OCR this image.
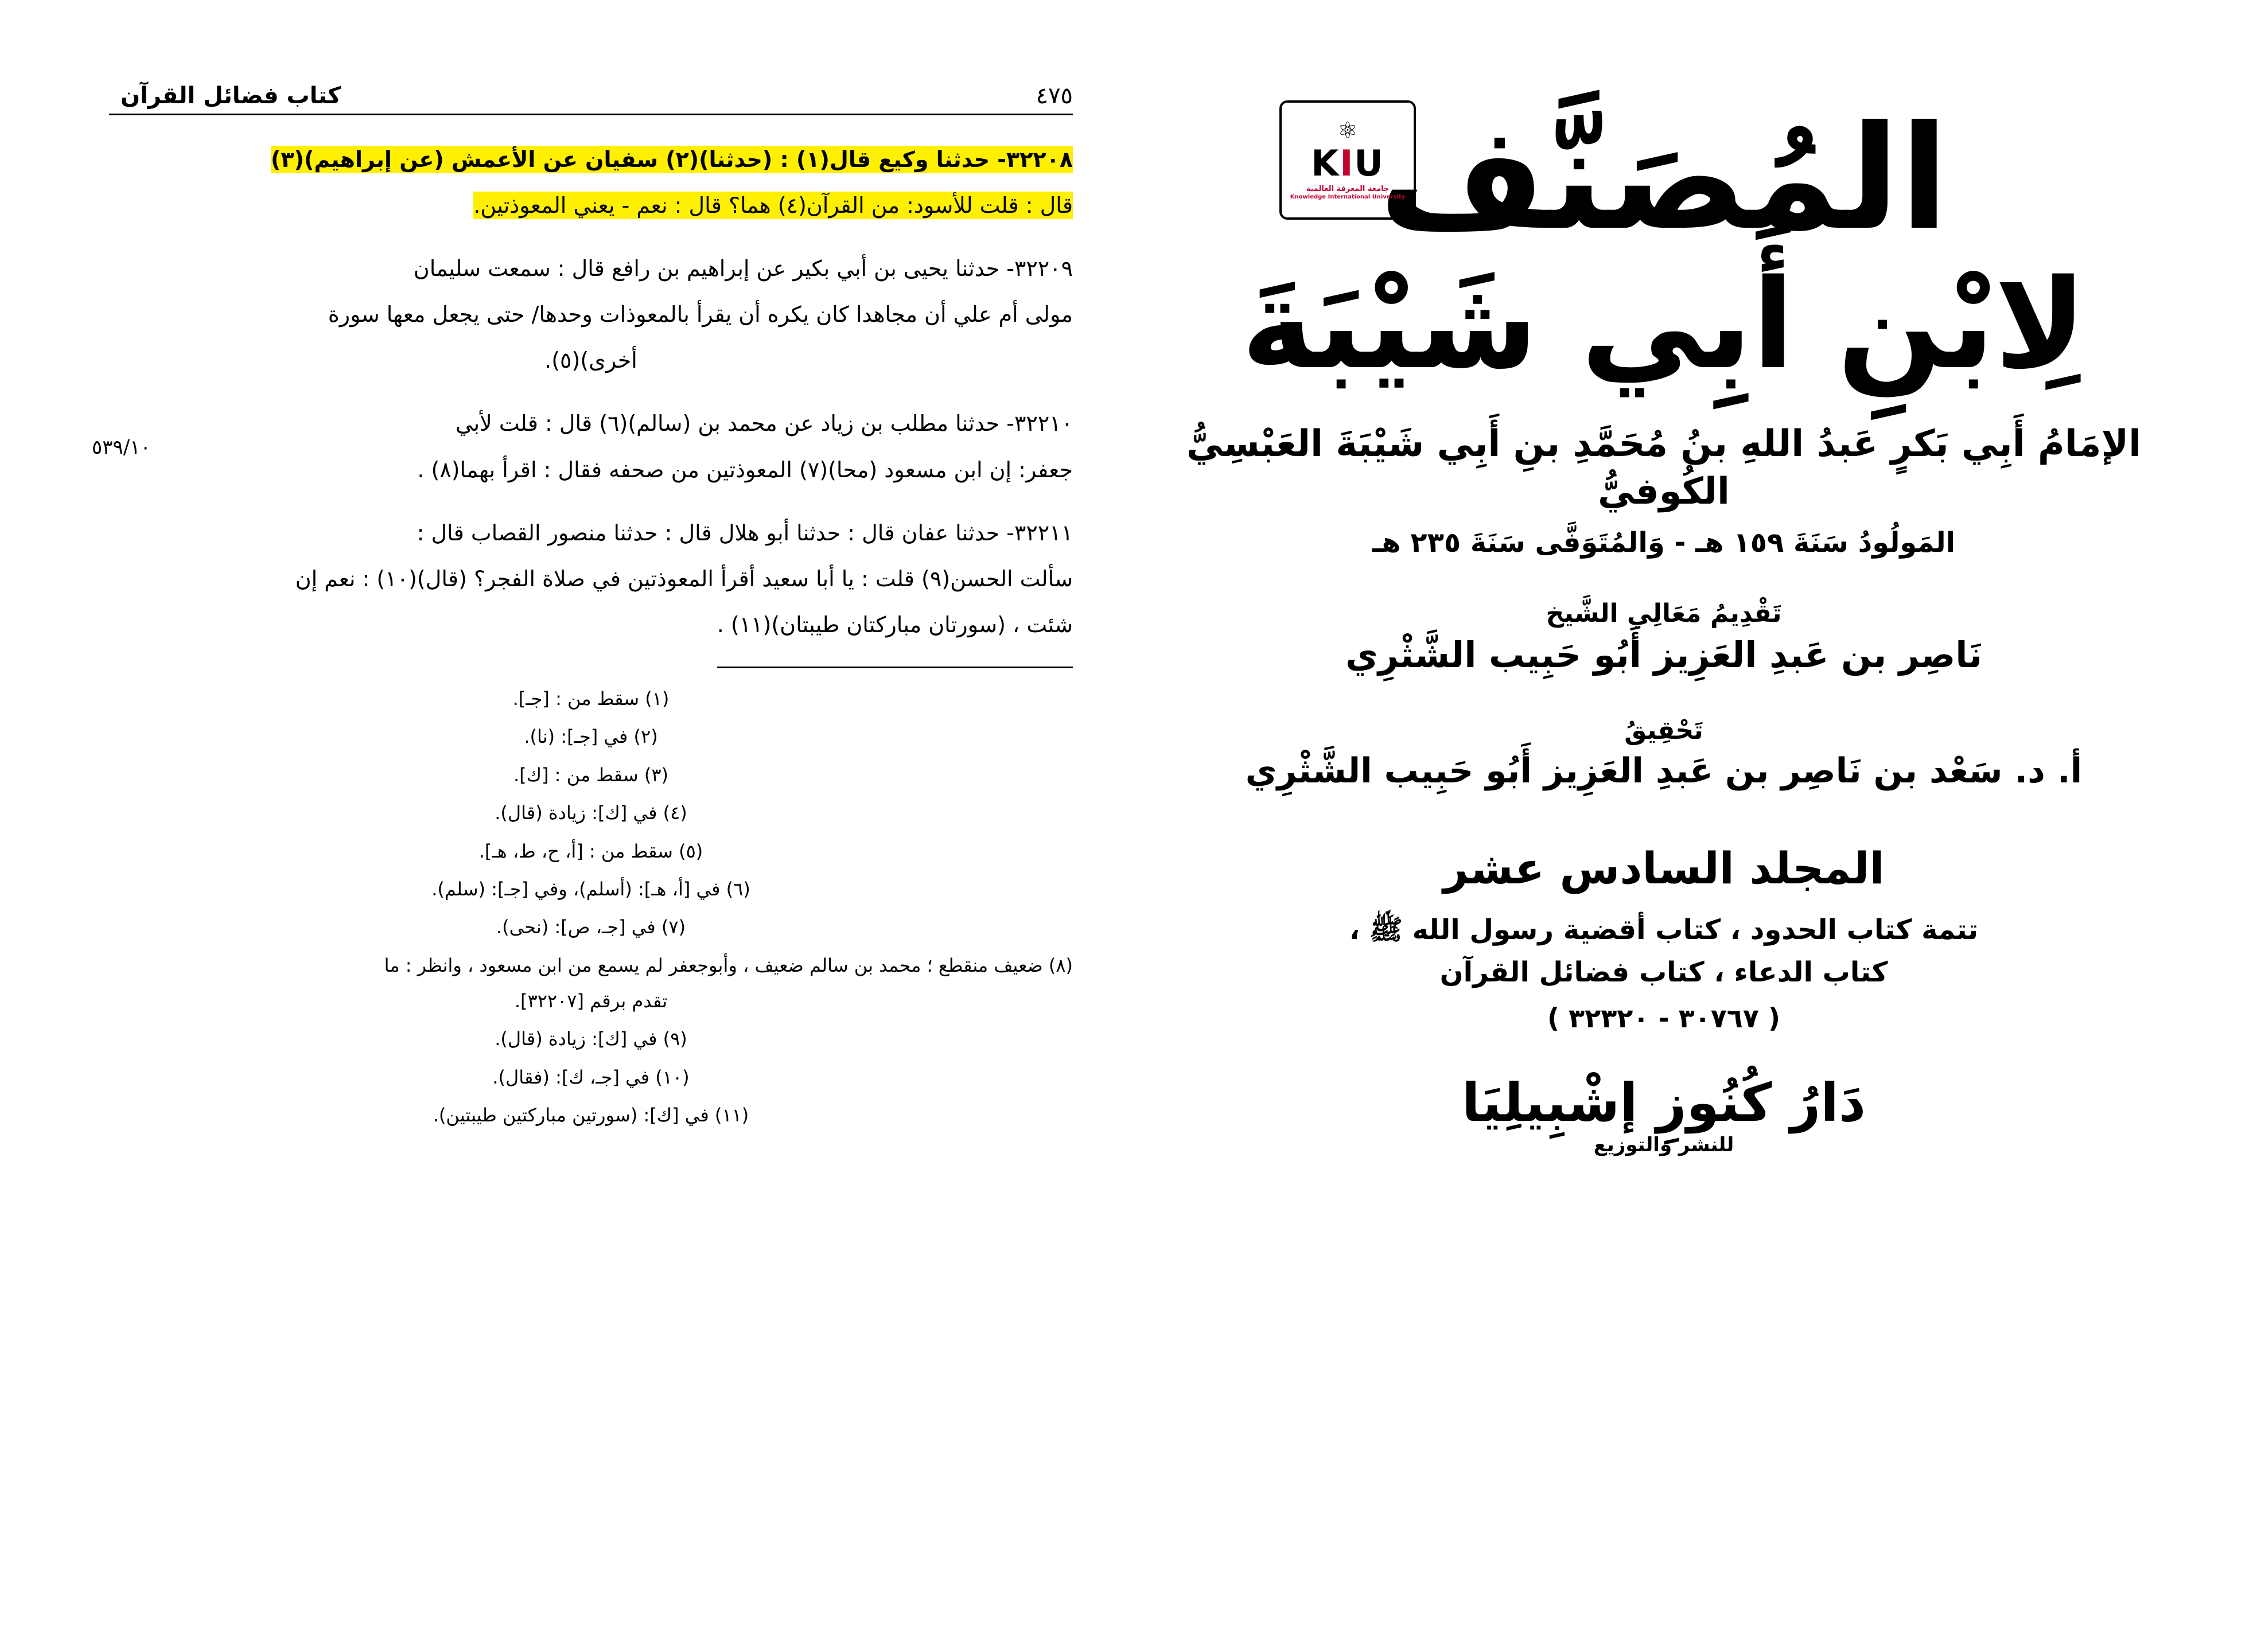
٤٧٥
كتاب فضائل القرآن
٥٣٩/١٠

٣٢٢٠٨- حدثنا وكيع قال(١) : (حدثنا)(٢) سفيان عن الأعمش (عن إبراهيم)(٣)

قال : قلت للأسود: من القرآن(٤) هما؟ قال : نعم - يعني المعوذتين.

٣٢٢٠٩- حدثنا يحيى بن أبي بكير عن إبراهيم بن رافع قال : سمعت سليمان

مولى أم علي أن مجاهدا كان يكره أن يقرأ بالمعوذات وحدها/ حتى يجعل معها سورة

أخرى)(٥).

٣٢٢١٠- حدثنا مطلب بن زياد عن محمد بن (سالم)(٦) قال : قلت لأبي

جعفر: إن ابن مسعود (محا)(٧) المعوذتين من صحفه فقال : اقرأ بهما(٨) .

٣٢٢١١- حدثنا عفان قال : حدثنا أبو هلال قال : حدثنا منصور القصاب قال :

سألت الحسن(٩) قلت : يا أبا سعيد أقرأ المعوذتين في صلاة الفجر؟ (قال)(١٠) : نعم إن

شئت ، (سورتان مباركتان طيبتان)(١١) .

(١) سقط من : [جـ].

(٢) في [جـ]: (نا).

(٣) سقط من : [ك].

(٤) في [ك]: زيادة (قال).

(٥) سقط من : [أ، ح، ط، هـ].

(٦) في [أ، هـ]: (أسلم)، وفي [جـ]: (سلم).

(٧) في [جـ، ص]: (نحى).

(٨) ضعيف منقطع ؛ محمد بن سالم ضعيف ، وأبوجعفر لم يسمع من ابن مسعود ، وانظر : ما
تقدم برقم [٣٢٢٠٧].

(٩) في [ك]: زيادة (قال).

(١٠) في [جـ، ك]: (فقال).

(١١) في [ك]: (سورتين مباركتين طيبتين).

⚛
KIU
جامعة المعرفة العالمية
Knowledge International University
المُصَنَّف
لِابْنِ أَبِي شَيْبَةَ
الإمَامُ أَبِي بَكرٍ عَبدُ اللهِ بنُ مُحَمَّدِ بنِ أَبِي شَيْبَةَ العَبْسِيُّ الكُوفيُّ
المَولُودُ سَنَةَ ١٥٩ هـ - وَالمُتَوَفَّى سَنَةَ ٢٣٥ هـ
تَقْدِيمُ مَعَالِي الشَّيخ
نَاصِر بن عَبدِ العَزِيز أَبُو حَبِيب الشَّثْرِي
تَحْقِيقُ
أ. د. سَعْد بن نَاصِر بن عَبدِ العَزِيز أَبُو حَبِيب الشَّثْرِي
المجلد السادس عشر
تتمة كتاب الحدود ، كتاب أقضية رسول الله ﷺ ،
كتاب الدعاء ، كتاب فضائل القرآن
( ٣٠٧٦٧ - ٣٢٣٢٠ )
دَارُ كُنُوزِ إشْبِيلِيَا
للنشر والتوزيع
